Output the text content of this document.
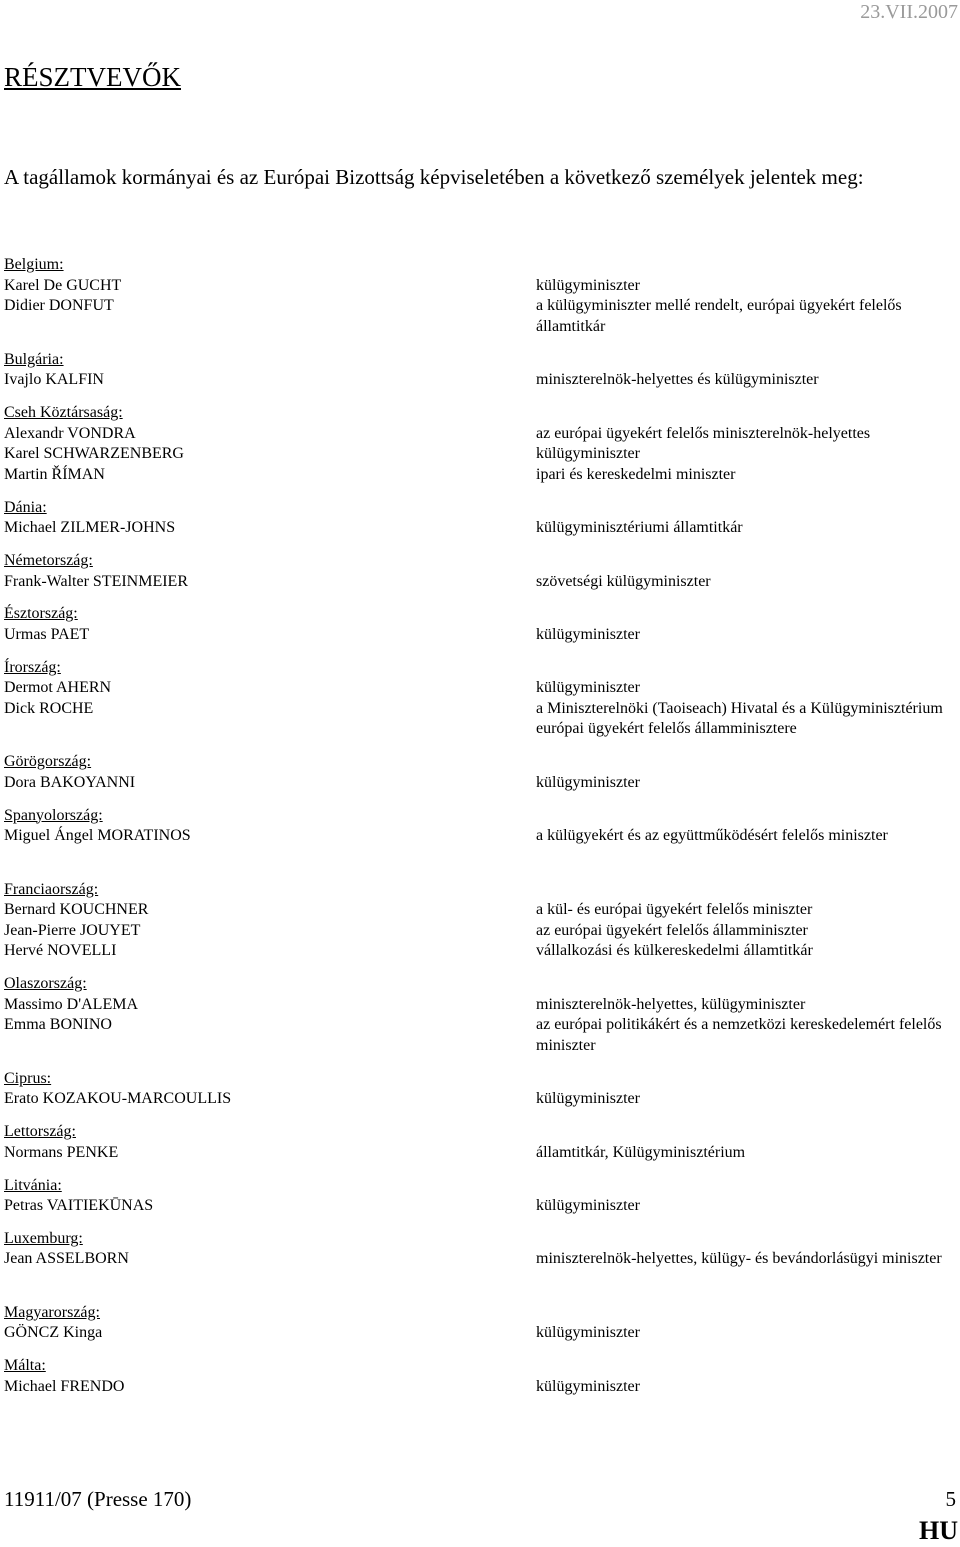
23.VII.2007
RÉSZTVEVŐK

A tagállamok kormányai és az Európai Bizottság képviseletében a következő személyek jelentek meg:

Belgium:
Karel De GUCHT
Didier DONFUT
Bulgária:
Ivajlo KALFIN
Cseh Köztársaság:
Alexandr VONDRA
Karel SCHWARZENBERG
Martin ŘÍMAN
Dánia:
Michael ZILMER-JOHNS
Németország:
Frank-Walter STEINMEIER
Észtország:
Urmas PAET
Írország:
Dermot AHERN
Dick ROCHE
Görögország:
Dora BAKOYANNI
Spanyolország:
Miguel Ángel MORATINOS
Franciaország:
Bernard KOUCHNER
Jean-Pierre JOUYET
Hervé NOVELLI
Olaszország:
Massimo D'ALEMA
Emma BONINO
Ciprus:
Erato KOZAKOU-MARCOULLIS
Lettország:
Normans PENKE
Litvánia:
Petras VAITIEKŪNAS
Luxemburg:
Jean ASSELBORN
Magyarország:
GÖNCZ Kinga
Málta:
Michael FRENDO
külügyminiszter
a külügyminiszter mellé rendelt, európai ügyekért felelős államtitkár
miniszterelnök-helyettes és külügyminiszter
az európai ügyekért felelős miniszterelnök-helyettes
külügyminiszter
ipari és kereskedelmi miniszter
külügyminisztériumi államtitkár
szövetségi külügyminiszter
külügyminiszter
külügyminiszter
a Miniszterelnöki (Taoiseach) Hivatal és a Külügyminisztérium európai ügyekért felelős államminisztere
külügyminiszter
a külügyekért és az együttműködésért felelős miniszter
a kül- és európai ügyekért felelős miniszter
az európai ügyekért felelős államminiszter
vállalkozási és külkereskedelmi államtitkár
miniszterelnök-helyettes, külügyminiszter
az európai politikákért és a nemzetközi kereskedelemért felelős miniszter
külügyminiszter
államtitkár, Külügyminisztérium
külügyminiszter
miniszterelnök-helyettes, külügy- és bevándorlásügyi miniszter
külügyminiszter
külügyminiszter
11911/07 (Presse 170)	5
HU
